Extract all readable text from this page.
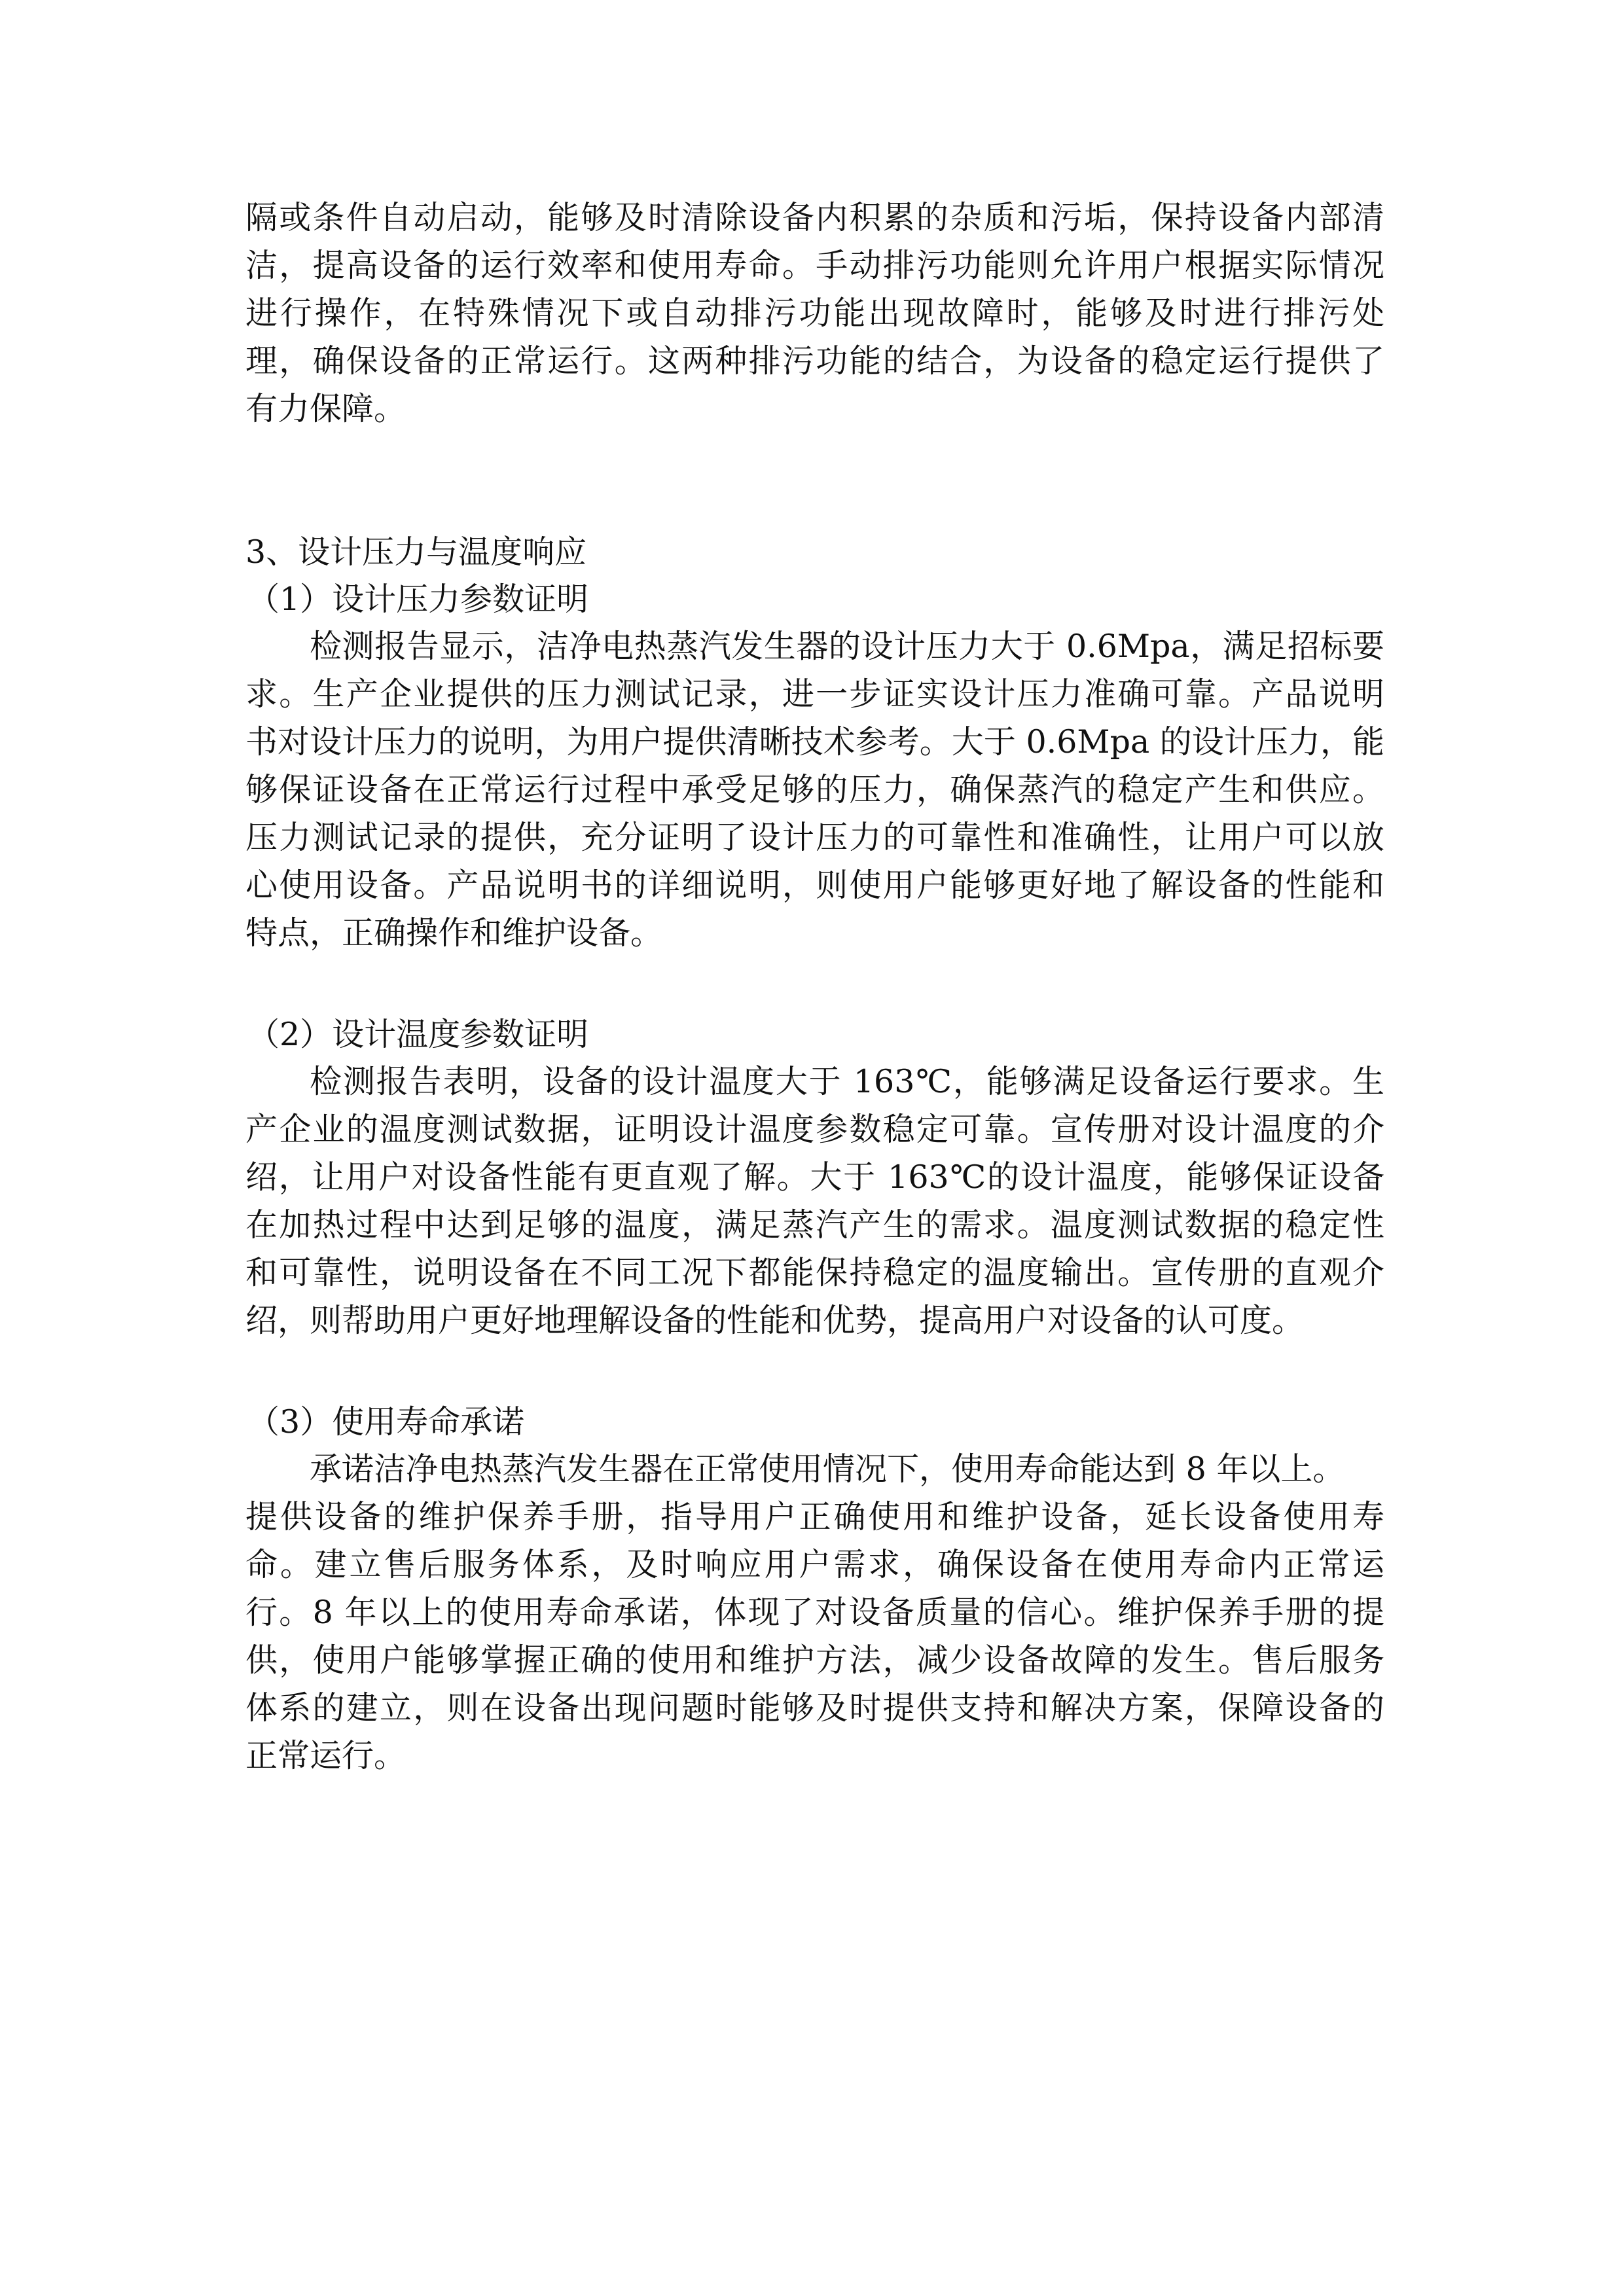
隔或条件自动启动，能够及时清除设备内积累的杂质和污垢，保持设备内部清
洁，提高设备的运行效率和使用寿命。手动排污功能则允许用户根据实际情况
进行操作，在特殊情况下或自动排污功能出现故障时，能够及时进行排污处
理，确保设备的正常运行。这两种排污功能的结合，为设备的稳定运行提供了
有力保障。
3、设计压力与温度响应
（1）设计压力参数证明
检测报告显示，洁净电热蒸汽发生器的设计压力大于 0.6Mpa，满足招标要
求。生产企业提供的压力测试记录，进一步证实设计压力准确可靠。产品说明
书对设计压力的说明，为用户提供清晰技术参考。大于 0.6Mpa 的设计压力，能
够保证设备在正常运行过程中承受足够的压力，确保蒸汽的稳定产生和供应。
压力测试记录的提供，充分证明了设计压力的可靠性和准确性，让用户可以放
心使用设备。产品说明书的详细说明，则使用户能够更好地了解设备的性能和
特点，正确操作和维护设备。
（2）设计温度参数证明
检测报告表明，设备的设计温度大于 163℃，能够满足设备运行要求。生
产企业的温度测试数据，证明设计温度参数稳定可靠。宣传册对设计温度的介
绍，让用户对设备性能有更直观了解。大于 163℃的设计温度，能够保证设备
在加热过程中达到足够的温度，满足蒸汽产生的需求。温度测试数据的稳定性
和可靠性，说明设备在不同工况下都能保持稳定的温度输出。宣传册的直观介
绍，则帮助用户更好地理解设备的性能和优势，提高用户对设备的认可度。
（3）使用寿命承诺
承诺洁净电热蒸汽发生器在正常使用情况下，使用寿命能达到 8 年以上。
提供设备的维护保养手册，指导用户正确使用和维护设备，延长设备使用寿
命。建立售后服务体系，及时响应用户需求，确保设备在使用寿命内正常运
行。8 年以上的使用寿命承诺，体现了对设备质量的信心。维护保养手册的提
供，使用户能够掌握正确的使用和维护方法，减少设备故障的发生。售后服务
体系的建立，则在设备出现问题时能够及时提供支持和解决方案，保障设备的
正常运行。
